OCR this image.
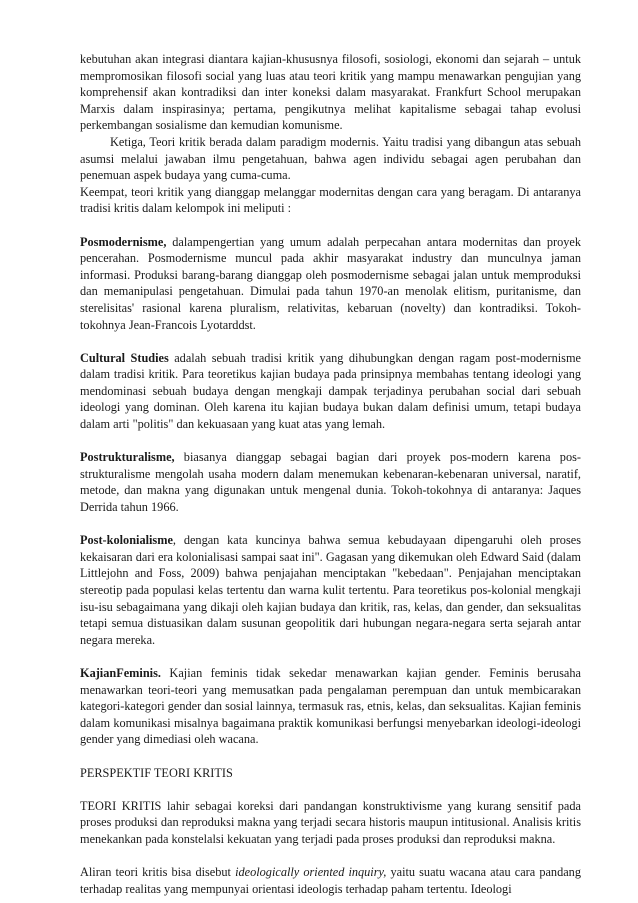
kebutuhan akan integrasi diantara kajian-khususnya filosofi, sosiologi, ekonomi dan sejarah – untuk mempromosikan filosofi social yang luas atau teori kritik yang mampu menawarkan pengujian yang komprehensif akan kontradiksi dan inter koneksi dalam masyarakat. Frankfurt School merupakan Marxis dalam inspirasinya; pertama, pengikutnya melihat kapitalisme sebagai tahap evolusi perkembangan sosialisme dan kemudian komunisme.

Ketiga, Teori kritik berada dalam paradigm modernis. Yaitu tradisi yang dibangun atas sebuah asumsi melalui jawaban ilmu pengetahuan, bahwa agen individu sebagai agen perubahan dan penemuan aspek budaya yang cuma-cuma.

Keempat, teori kritik yang dianggap melanggar modernitas dengan cara yang beragam. Di antaranya tradisi kritis dalam kelompok ini meliputi :

Posmodernisme, dalampengertian yang umum adalah perpecahan antara modernitas dan proyek pencerahan. Posmodernisme muncul pada akhir masyarakat industry dan munculnya jaman informasi. Produksi barang-barang dianggap oleh posmodernisme sebagai jalan untuk memproduksi dan memanipulasi pengetahuan. Dimulai pada tahun 1970-an menolak elitism, puritanisme, dan sterelisitas' rasional karena pluralism, relativitas, kebaruan (novelty) dan kontradiksi. Tokoh-tokohnya Jean-Francois Lyotarddst.

Cultural Studies adalah sebuah tradisi kritik yang dihubungkan dengan ragam post-modernisme dalam tradisi kritik. Para teoretikus kajian budaya pada prinsipnya membahas tentang ideologi yang mendominasi sebuah budaya dengan mengkaji dampak terjadinya perubahan social dari sebuah ideologi yang dominan. Oleh karena itu kajian budaya bukan dalam definisi umum, tetapi budaya dalam arti "politis" dan kekuasaan yang kuat atas yang lemah.

Postrukturalisme, biasanya dianggap sebagai bagian dari proyek pos-modern karena pos-strukturalisme mengolah usaha modern dalam menemukan kebenaran-kebenaran universal, naratif, metode, dan makna yang digunakan untuk mengenal dunia. Tokoh-tokohnya di antaranya: Jaques Derrida tahun 1966.

Post-kolonialisme, dengan kata kuncinya bahwa semua kebudayaan dipengaruhi oleh proses kekaisaran dari era kolonialisasi sampai saat ini". Gagasan yang dikemukan oleh Edward Said (dalam Littlejohn and Foss, 2009) bahwa penjajahan menciptakan "kebedaan". Penjajahan menciptakan stereotip pada populasi kelas tertentu dan warna kulit tertentu. Para teoretikus pos-kolonial mengkaji isu-isu sebagaimana yang dikaji oleh kajian budaya dan kritik, ras, kelas, dan gender, dan seksualitas tetapi semua distuasikan dalam susunan geopolitik dari hubungan negara-negara serta sejarah antar negara mereka.

KajianFeminis. Kajian feminis tidak sekedar menawarkan kajian gender. Feminis berusaha menawarkan teori-teori yang memusatkan pada pengalaman perempuan dan untuk membicarakan kategori-kategori gender dan sosial lainnya, termasuk ras, etnis, kelas, dan seksualitas. Kajian feminis dalam komunikasi misalnya bagaimana praktik komunikasi berfungsi menyebarkan ideologi-ideologi gender yang dimediasi oleh wacana.

PERSPEKTIF TEORI KRITIS

TEORI KRITIS lahir sebagai koreksi dari pandangan konstruktivisme yang kurang sensitif pada proses produksi dan reproduksi makna yang terjadi secara historis maupun intitusional. Analisis kritis menekankan pada konstelalsi kekuatan yang terjadi pada proses produksi dan reproduksi makna.

Aliran teori kritis bisa disebut ideologically oriented inquiry, yaitu suatu wacana atau cara pandang terhadap realitas yang mempunyai orientasi ideologis terhadap paham tertentu. Ideologi
